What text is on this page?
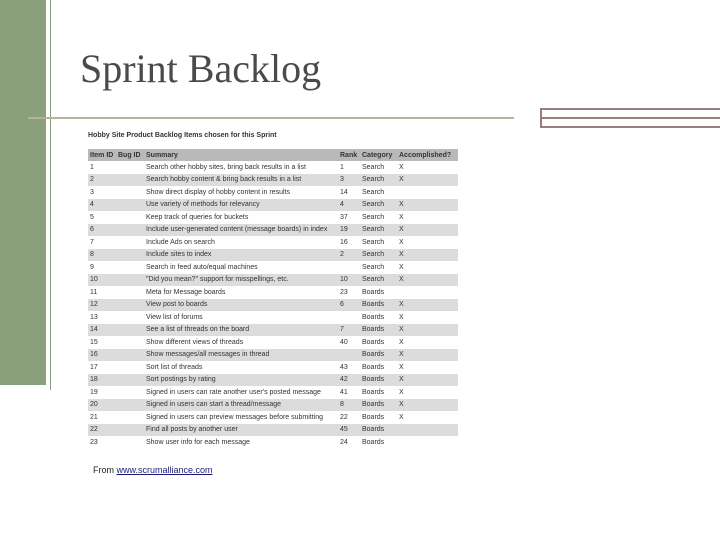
Sprint Backlog
Hobby Site Product Backlog Items chosen for this Sprint
Item ID	Bug ID	Summary	Rank	Category	Accomplished?
1		Search other hobby sites, bring back results in a list	1	Search	X
2		Search hobby content & bring back results in a list	3	Search	X
3		Show direct display of hobby content in results	14	Search	
4		Use variety of methods for relevancy	4	Search	X
5		Keep track of queries for buckets	37	Search	X
6		Include user-generated content (message boards) in index	19	Search	X
7		Include Ads on search	16	Search	X
8		Include sites to index	2	Search	X
9		Search in feed auto/equal machines		Search	X
10		"Did you mean?" support for misspellings, etc.	10	Search	X
11		Meta for Message boards	23	Boards	
12		View post to boards	6	Boards	X
13		View list of forums		Boards	X
14		See a list of threads on the board	7	Boards	X
15		Show different views of threads	40	Boards	X
16		Show messages/all messages in thread		Boards	X
17		Sort list of threads	43	Boards	X
18		Sort postings by rating	42	Boards	X
19		Signed in users can rate another user's posted message	41	Boards	X
20		Signed in users can start a thread/message	8	Boards	X
21		Signed in users can preview messages before submitting	22	Boards	X
22		Find all posts by another user	45	Boards	
23		Show user info for each message	24	Boards	
From www.scrumalliance.com
